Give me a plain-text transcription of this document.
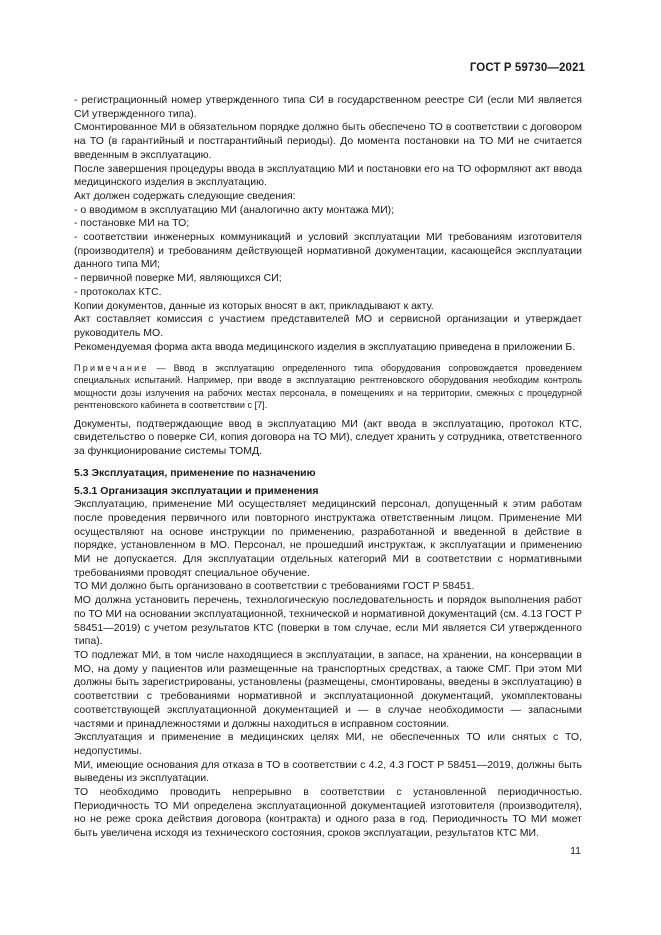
ГОСТ Р 59730—2021

- регистрационный номер утвержденного типа СИ в государственном реестре СИ (если МИ является СИ утвержденного типа).

Смонтированное МИ в обязательном порядке должно быть обеспечено ТО в соответствии с договором на ТО (в гарантийный и постгарантийный периоды). До момента постановки на ТО МИ не считается введенным в эксплуатацию.

После завершения процедуры ввода в эксплуатацию МИ и постановки его на ТО оформляют акт ввода медицинского изделия в эксплуатацию.

Акт должен содержать следующие сведения:

- о вводимом в эксплуатацию МИ (аналогично акту монтажа МИ);

- постановке МИ на ТО;

- соответствии инженерных коммуникаций и условий эксплуатации МИ требованиям изготовителя (производителя) и требованиям действующей нормативной документации, касающейся эксплуатации данного типа МИ;

- первичной поверке МИ, являющихся СИ;

- протоколах КТС.

Копии документов, данные из которых вносят в акт, прикладывают к акту.

Акт составляет комиссия с участием представителей МО и сервисной организации и утверждает руководитель МО.

Рекомендуемая форма акта ввода медицинского изделия в эксплуатацию приведена в приложении Б.

Примечание — Ввод в эксплуатацию определенного типа оборудования сопровождается проведением специальных испытаний. Например, при вводе в эксплуатацию рентгеновского оборудования необходим контроль мощности дозы излучения на рабочих местах персонала, в помещениях и на территории, смежных с процедурной рентгеновского кабинета в соответствии с [7].

Документы, подтверждающие ввод в эксплуатацию МИ (акт ввода в эксплуатацию, протокол КТС, свидетельство о поверке СИ, копия договора на ТО МИ), следует хранить у сотрудника, ответственного за функционирование системы ТОМД.

5.3 Эксплуатация, применение по назначению

5.3.1 Организация эксплуатации и применения

Эксплуатацию, применение МИ осуществляет медицинский персонал, допущенный к этим работам после проведения первичного или повторного инструктажа ответственным лицом. Применение МИ осуществляют на основе инструкции по применению, разработанной и введенной в действие в порядке, установленном в МО. Персонал, не прошедший инструктаж, к эксплуатации и применению МИ не допускается. Для эксплуатации отдельных категорий МИ в соответствии с нормативными требованиями проводят специальное обучение.

ТО МИ должно быть организовано в соответствии с требованиями ГОСТ Р 58451.

МО должна установить перечень, технологическую последовательность и порядок выполнения работ по ТО МИ на основании эксплуатационной, технической и нормативной документаций (см. 4.13 ГОСТ Р 58451—2019) с учетом результатов КТС (поверки в том случае, если МИ является СИ утвержденного типа).

ТО подлежат МИ, в том числе находящиеся в эксплуатации, в запасе, на хранении, на консервации в МО, на дому у пациентов или размещенные на транспортных средствах, а также СМГ. При этом МИ должны быть зарегистрированы, установлены (размещены, смонтированы, введены в эксплуатацию) в соответствии с требованиями нормативной и эксплуатационной документаций, укомплектованы соответствующей эксплуатационной документацией и — в случае необходимости — запасными частями и принадлежностями и должны находиться в исправном состоянии.

Эксплуатация и применение в медицинских целях МИ, не обеспеченных ТО или снятых с ТО, недопустимы.

МИ, имеющие основания для отказа в ТО в соответствии с 4.2, 4.3 ГОСТ Р 58451—2019, должны быть выведены из эксплуатации.

ТО необходимо проводить непрерывно в соответствии с установленной периодичностью. Периодичность ТО МИ определена эксплуатационной документацией изготовителя (производителя), но не реже срока действия договора (контракта) и одного раза в год. Периодичность ТО МИ может быть увеличена исходя из технического состояния, сроков эксплуатации, результатов КТС МИ.

11
